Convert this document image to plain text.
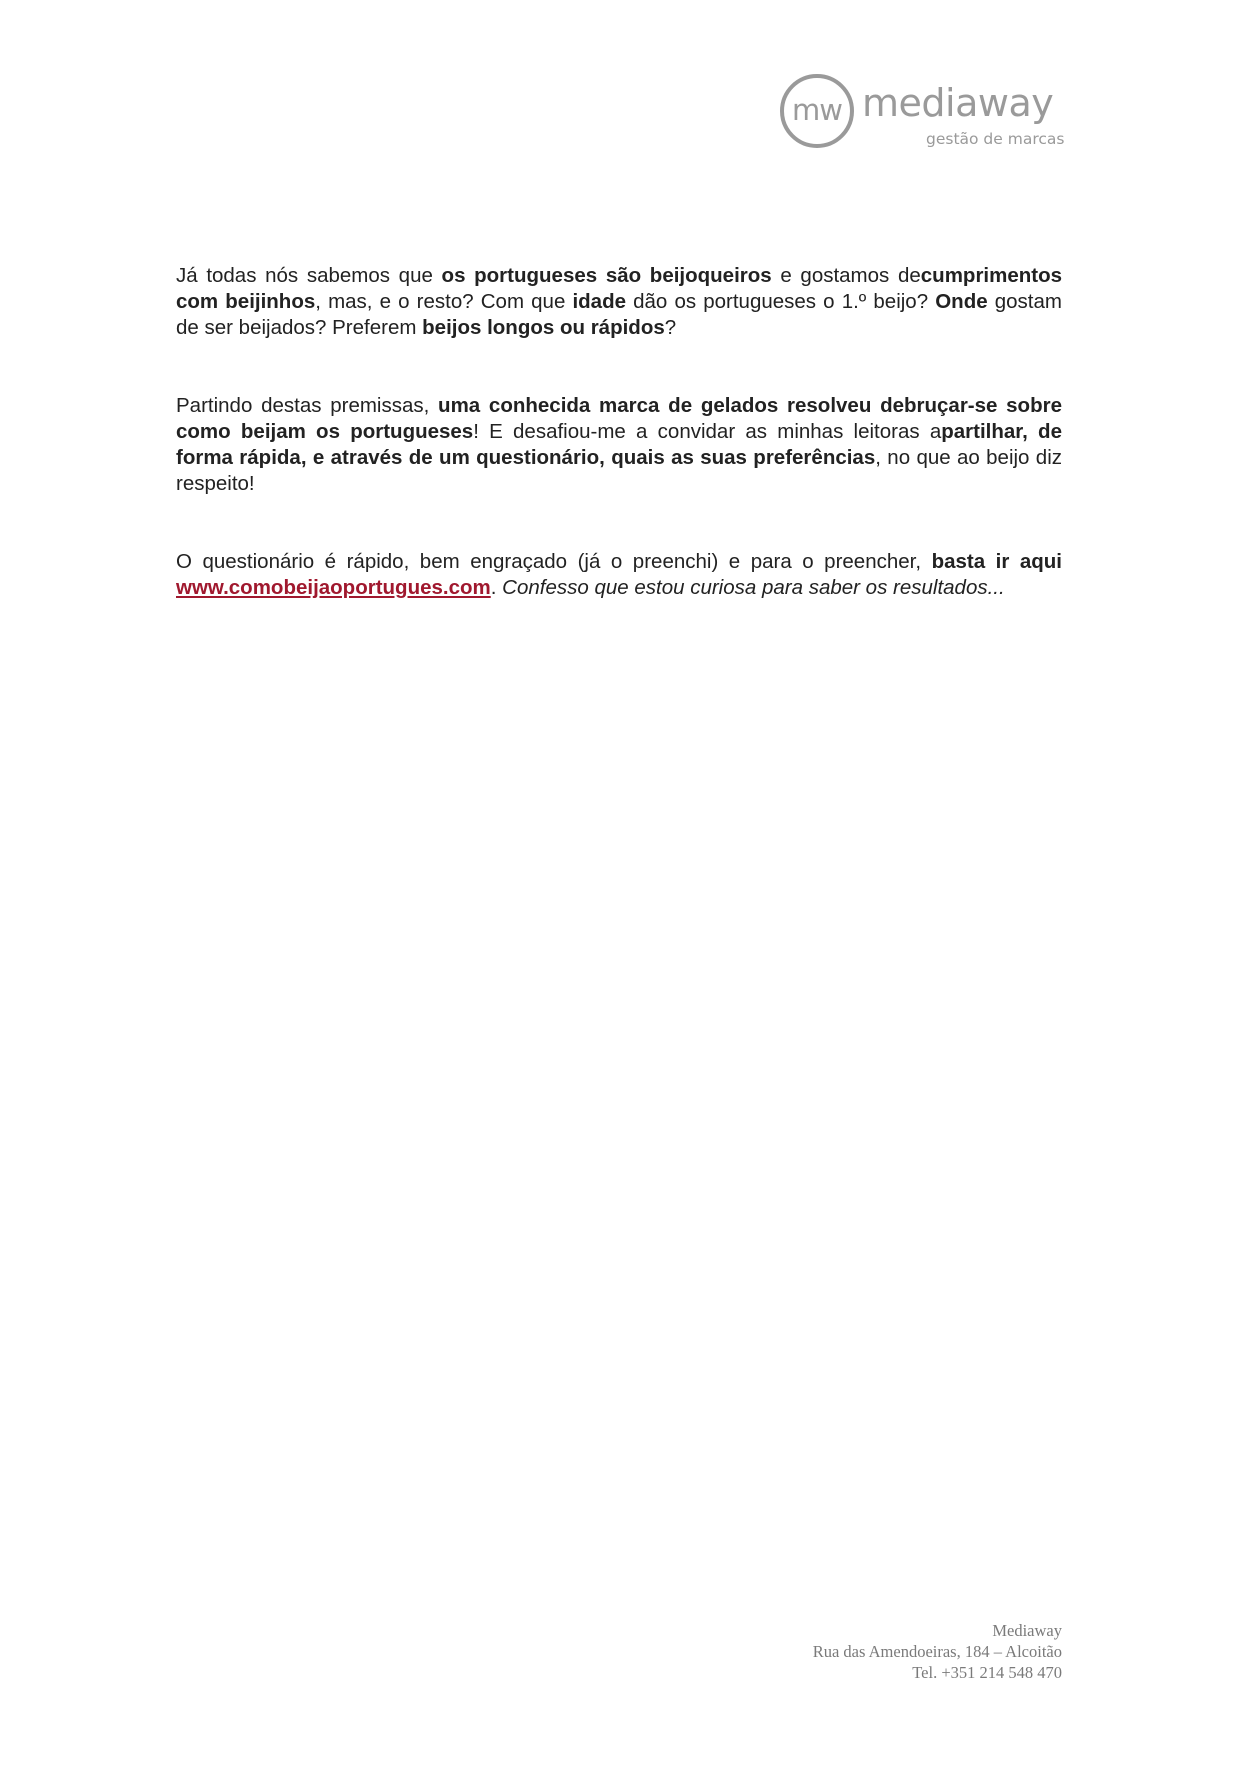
mw mediaway
gestão de marcas

Já todas nós sabemos que os portugueses são beijoqueiros e gostamos decumprimentos com beijinhos, mas, e o resto? Com que idade dão os portugueses o 1.º beijo? Onde gostam de ser beijados? Preferem beijos longos ou rápidos?

Partindo destas premissas, uma conhecida marca de gelados resolveu debruçar-se sobre como beijam os portugueses! E desafiou-me a convidar as minhas leitoras apartilhar, de forma rápida, e através de um questionário, quais as suas preferências, no que ao beijo diz respeito!

O questionário é rápido, bem engraçado (já o preenchi) e para o preencher, basta ir aqui www.comobeijaoportugues.com. Confesso que estou curiosa para saber os resultados...

Mediaway
Rua das Amendoeiras, 184 – Alcoitão
Tel. +351 214 548 470
